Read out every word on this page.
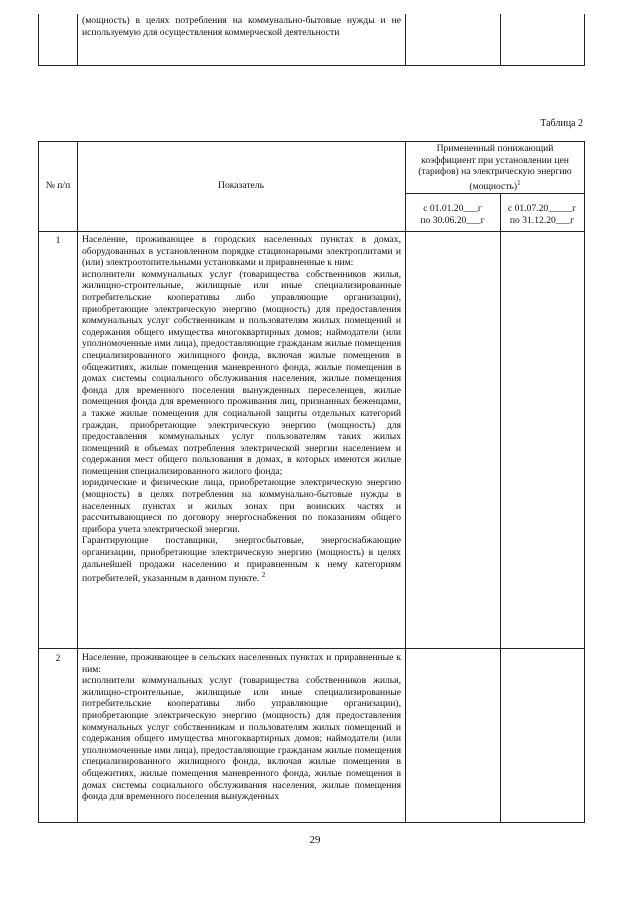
(мощность) в целях потребления на коммунально-бытовые нужды и не используемую для осуществления коммерческой деятельности

Таблица 2
№ п/п	Показатель
Примененный понижающий коэффициент при установлении цен (тарифов) на электрическую энергию (мощность)$^1$
с 01.01.20___г
по 30.06.20___г
с 01.07.20_____г
по 31.12.20___г
1	Население, проживающее в городских населенных пунктах в домах, оборудованных в установленном порядке стационарными электроплитами и (или) электроотопительными установками и приравненные к ним:

исполнители коммунальных услуг (товарищества собственников жилья, жилищно-строительные, жилищные или иные специализированные потребительские кооперативы либо управляющие организации), приобретающие электрическую энергию (мощность) для предоставления коммунальных услуг собственникам и пользователям жилых помещений и содержания общего имущества многоквартирных домов; наймодатели (или уполномоченные ими лица), предоставляющие гражданам жилые помещения специализированного жилищного фонда, включая жилые помещения в общежитиях, жилые помещения маневренного фонда, жилые помещения в домах системы социального обслуживания населения, жилые помещения фонда для временного поселения вынужденных переселенцев, жилые помещения фонда для временного проживания лиц, признанных беженцами, а также жилые помещения для социальной защиты отдельных категорий граждан, приобретающие электрическую энергию (мощность) для предоставления коммунальных услуг пользователям таких жилых помещений в объемах потребления электрической энергии населением и содержания мест общего пользования в домах, в которых имеются жилые помещения специализированного жилого фонда;

юридические и физические лица, приобретающие электрическую энергию (мощность) в целях потребления на коммунально-бытовые нужды в населенных пунктах и жилых зонах при воинских частях и рассчитывающиеся по договору энергоснабжения по показаниям общего прибора учета электрической энергии.

Гарантирующие поставщики, энергосбытовые, энергоснабжающие организации, приобретающие электрическую энергию (мощность) в целях дальнейшей продажи населению и приравненным к нему категориям потребителей, указанным в данном пункте. $^2$

2	Население, проживающее в сельских населенных пунктах и приравненные к ним:

исполнители коммунальных услуг (товарищества собственников жилья, жилищно-строительные, жилищные или иные специализированные потребительские кооперативы либо управляющие организации), приобретающие электрическую энергию (мощность) для предоставления коммунальных услуг собственникам и пользователям жилых помещений и содержания общего имущества многоквартирных домов; наймодатели (или уполномоченные ими лица), предоставляющие гражданам жилые помещения специализированного жилищного фонда, включая жилые помещения в общежитиях, жилые помещения маневренного фонда, жилые помещения в домах системы социального обслуживания населения, жилые помещения фонда для временного поселения вынужденных

29
